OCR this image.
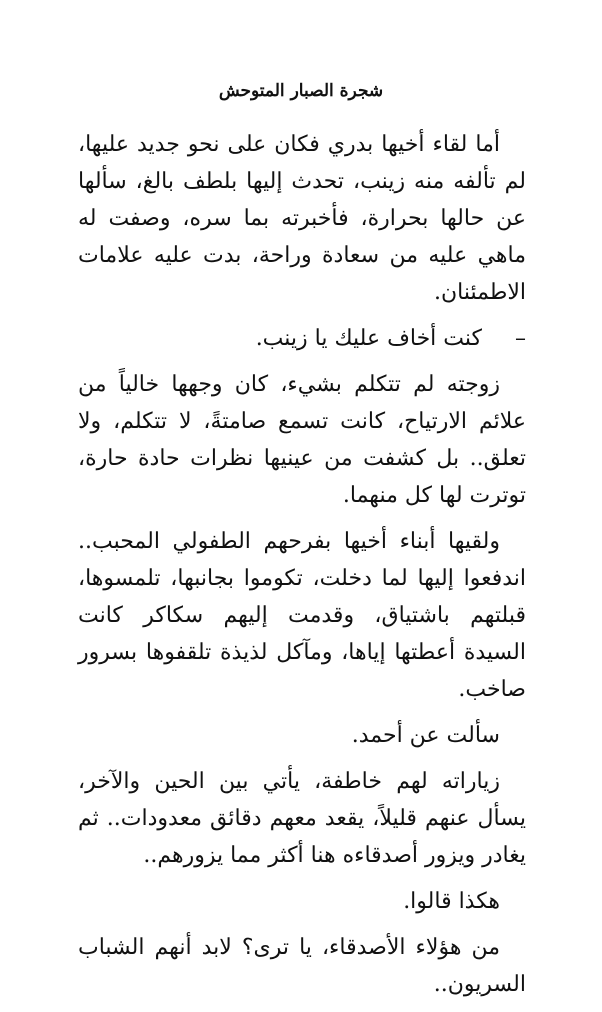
شجرة الصبار المتوحش

أما لقاء أخيها بدري فكان على نحو جديد عليها، لم تألفه منه زينب، تحدث إليها بلطف بالغ، سألها عن حالها بحرارة، فأخبرته بما سره، وصفت له ماهي عليه من سعادة وراحة، بدت عليه علامات الاطمئنان.

–كنت أخاف عليك يا زينب.

زوجته لم تتكلم بشيء، كان وجهها خالياً من علائم الارتياح، كانت تسمع صامتةً، لا تتكلم، ولا تعلق.. بل كشفت من عينيها نظرات حادة حارة، توترت لها كل منهما.

ولقيها أبناء أخيها بفرحهم الطفولي المحبب.. اندفعوا إليها لما دخلت، تكوموا بجانبها، تلمسوها، قبلتهم باشتياق، وقدمت إليهم سكاكر كانت السيدة أعطتها إياها، ومآكل لذيذة تلقفوها بسرور صاخب.

سألت عن أحمد.

زياراته لهم خاطفة، يأتي بين الحين والآخر، يسأل عنهم قليلاً، يقعد معهم دقائق معدودات.. ثم يغادر ويزور أصدقاءه هنا أكثر مما يزورهم..

هكذا قالوا.

من هؤلاء الأصدقاء، يا ترى؟ لابد أنهم الشباب السريون..
